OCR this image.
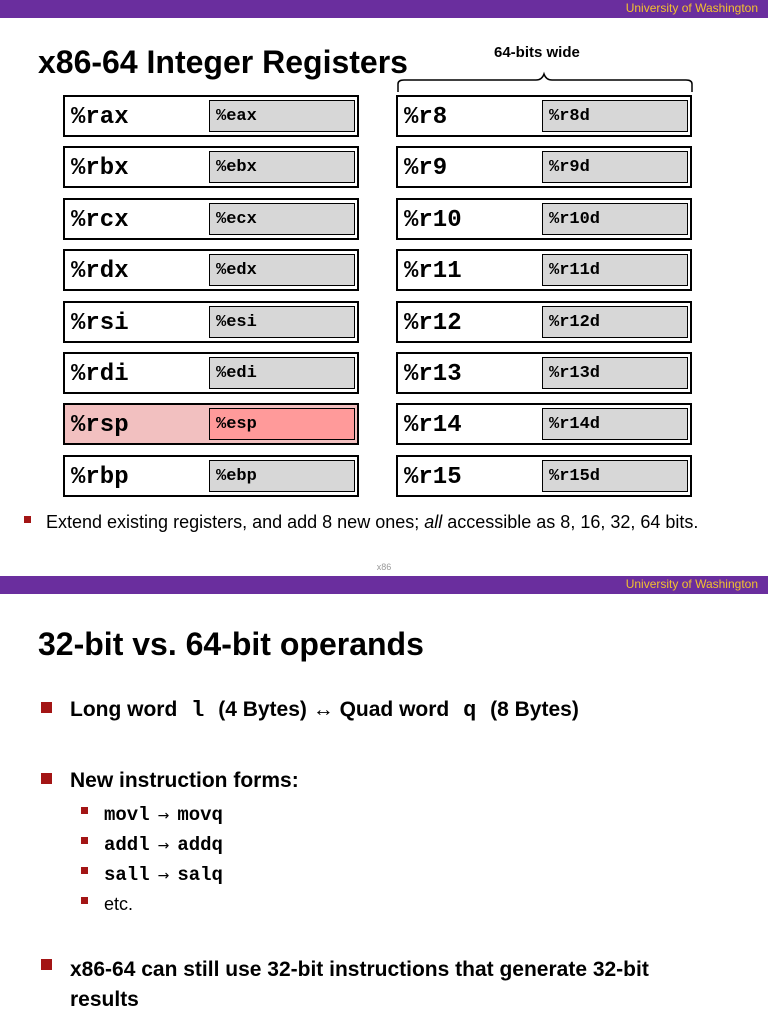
University of Washington
x86-64 Integer Registers	64-bits wide
%rax	%eax
%rbx	%ebx
%rcx	%ecx
%rdx	%edx
%rsi	%esi
%rdi	%edi
%rsp	%esp
%rbp	%ebp
%r8	%r8d
%r9	%r9d
%r10	%r10d
%r11	%r11d
%r12	%r12d
%r13	%r13d
%r14	%r14d
%r15	%r15d
Extend existing registers, and add 8 new ones; all accessible as 8, 16, 32, 64 bits.
x86
University of Washington
32-bit vs. 64-bit operands
Long word l (4 Bytes) ↔ Quad word q (8 Bytes)
New instruction forms:
movl → movq
addl → addq
sall → salq
etc.
x86-64 can still use 32-bit instructions that generate 32-bit
results
